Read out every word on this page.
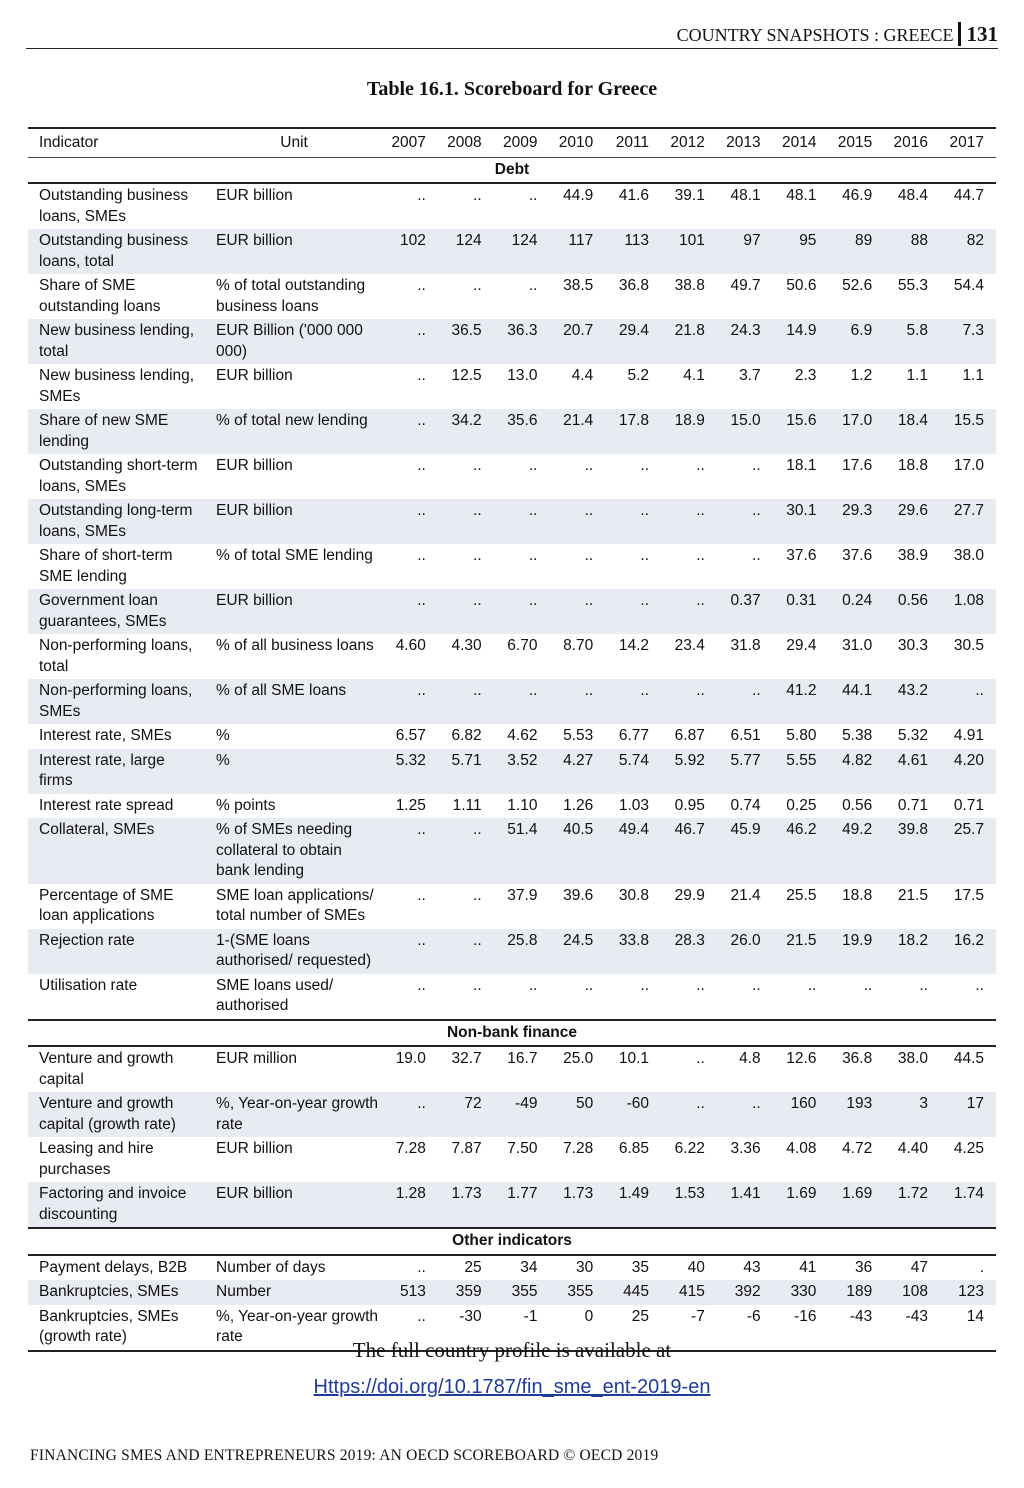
COUNTRY SNAPSHOTS : GREECE 131
Table 16.1. Scoreboard for Greece
Indicator	Unit	2007	2008	2009	2010	2011	2012	2013	2014	2015	2016	2017
Debt												
Outstanding business loans, SMEs	EUR billion	..	..	..	44.9	41.6	39.1	48.1	48.1	46.9	48.4	44.7
Outstanding business loans, total	EUR billion	102	124	124	117	113	101	97	95	89	88	82
Share of SME outstanding loans	% of total outstanding business loans	..	..	..	38.5	36.8	38.8	49.7	50.6	52.6	55.3	54.4
New business lending, total	EUR Billion ('000 000 000)	..	36.5	36.3	20.7	29.4	21.8	24.3	14.9	6.9	5.8	7.3
New business lending, SMEs	EUR billion	..	12.5	13.0	4.4	5.2	4.1	3.7	2.3	1.2	1.1	1.1
Share of new SME lending	% of total new lending	..	34.2	35.6	21.4	17.8	18.9	15.0	15.6	17.0	18.4	15.5
Outstanding short-term loans, SMEs	EUR billion	..	..	..	..	..	..	..	18.1	17.6	18.8	17.0
Outstanding long-term loans, SMEs	EUR billion	..	..	..	..	..	..	..	30.1	29.3	29.6	27.7
Share of short-term SME lending	% of total SME lending	..	..	..	..	..	..	..	37.6	37.6	38.9	38.0
Government loan guarantees, SMEs	EUR billion	..	..	..	..	..	..	0.37	0.31	0.24	0.56	1.08
Non-performing loans, total	% of all business loans	4.60	4.30	6.70	8.70	14.2	23.4	31.8	29.4	31.0	30.3	30.5
Non-performing loans, SMEs	% of all SME loans	..	..	..	..	..	..	..	41.2	44.1	43.2	..
Interest rate, SMEs	%	6.57	6.82	4.62	5.53	6.77	6.87	6.51	5.80	5.38	5.32	4.91
Interest rate, large firms	%	5.32	5.71	3.52	4.27	5.74	5.92	5.77	5.55	4.82	4.61	4.20
Interest rate spread	% points	1.25	1.11	1.10	1.26	1.03	0.95	0.74	0.25	0.56	0.71	0.71
Collateral, SMEs	% of SMEs needing collateral to obtain bank lending	..	..	51.4	40.5	49.4	46.7	45.9	46.2	49.2	39.8	25.7
Percentage of SME loan applications	SME loan applications/ total number of SMEs	..	..	37.9	39.6	30.8	29.9	21.4	25.5	18.8	21.5	17.5
Rejection rate	1-(SME loans authorised/ requested)	..	..	25.8	24.5	33.8	28.3	26.0	21.5	19.9	18.2	16.2
Utilisation rate	SME loans used/ authorised	..	..	..	..	..	..	..	..	..	..	..
Non-bank finance												
Venture and growth capital	EUR million	19.0	32.7	16.7	25.0	10.1	..	4.8	12.6	36.8	38.0	44.5
Venture and growth capital (growth rate)	%, Year-on-year growth rate	..	72	-49	50	-60	..	..	160	193	3	17
Leasing and hire purchases	EUR billion	7.28	7.87	7.50	7.28	6.85	6.22	3.36	4.08	4.72	4.40	4.25
Factoring and invoice discounting	EUR billion	1.28	1.73	1.77	1.73	1.49	1.53	1.41	1.69	1.69	1.72	1.74
Other indicators												
Payment delays, B2B	Number of days	..	25	34	30	35	40	43	41	36	47	.
Bankruptcies, SMEs	Number	513	359	355	355	445	415	392	330	189	108	123
Bankruptcies, SMEs (growth rate)	%, Year-on-year growth rate	..	-30	-1	0	25	-7	-6	-16	-43	-43	14
The full country profile is available at
Https://doi.org/10.1787/fin_sme_ent-2019-en
FINANCING SMES AND ENTREPRENEURS 2019: AN OECD SCOREBOARD © OECD 2019
